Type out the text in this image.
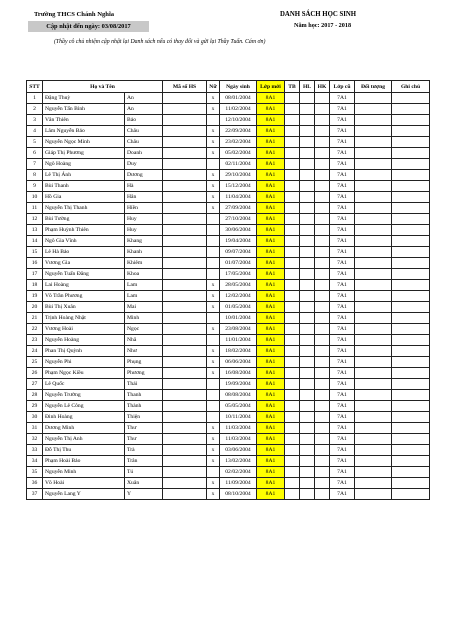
Trường THCS Chánh Nghĩa
Cập nhật đến ngày: 03/08/2017
DANH SÁCH HỌC SINH
Năm học: 2017 - 2018
(Thầy cô chủ nhiệm cập nhật lại Danh sách nếu có thay đổi và gửi lại Thầy Tuấn. Cám ơn)
STT	Họ và Tên		Mã số HS	Nữ	Ngày sinh	Lớp mới	TB	HL	HK	Lớp cũ	Đối tượng	Ghi chú
1	Đặng Thuỳ	An		x	08/01/2004	8A1				7A1		
2	Nguyễn Tấn Bình	An		x	11/02/2004	8A1				7A1		
3	Văn Thiên	Bảo			12/10/2004	8A1				7A1		
4	Lâm Nguyễn Bảo	Châu		x	22/09/2004	8A1				7A1		
5	Nguyễn Ngọc Minh	Châu		x	23/02/2004	8A1				7A1		
6	Giáp Thị Phương	Doanh		x	05/02/2004	8A1				7A1		
7	Ngô Hoàng	Duy			02/11/2004	8A1				7A1		
8	Lê Thị Ánh	Dương		x	29/10/2004	8A1				7A1		
9	Bùi Thanh	Hà		x	15/12/2004	8A1				7A1		
10	Hồ Gia	Hân		x	11/04/2004	8A1				7A1		
11	Nguyễn Thị Thanh	Hiền		x	27/09/2004	8A1				7A1		
12	Bùi Tường	Huy			27/10/2004	8A1				7A1		
13	Phạm Huỳnh Thiên	Huy			30/06/2004	8A1				7A1		
14	Ngô Gia Vĩnh	Khang			19/04/2004	8A1				7A1		
15	Lê Hà Bảo	Khanh			09/07/2004	8A1				7A1		
16	Vương Gia	Khiêm			01/07/2004	8A1				7A1		
17	Nguyễn Tuấn Đăng	Khoa			17/05/2004	8A1				7A1		
18	Lai Hoàng	Lam		x	28/05/2004	8A1				7A1		
19	Võ Trần Phương	Lam		x	12/02/2004	8A1				7A1		
20	Bùi Thị Xuân	Mai		x	01/05/2004	8A1				7A1		
21	Trịnh Hoàng Nhật	Minh			10/01/2004	8A1				7A1		
22	Vương Hoài	Ngọc		x	23/08/2004	8A1				7A1		
23	Nguyễn Hoàng	Nhã			11/01/2004	8A1				7A1		
24	Phan Thị Quỳnh	Như		x	18/02/2004	8A1				7A1		
25	Nguyễn Phi	Phụng		x	06/06/2004	8A1				7A1		
26	Phạm Ngọc Kiều	Phương		x	16/08/2004	8A1				7A1		
27	Lê Quốc	Thái			19/09/2004	8A1				7A1		
28	Nguyễn Trường	Thanh			08/08/2004	8A1				7A1		
29	Nguyễn Lê Công	Thành			05/05/2004	8A1				7A1		
30	Đinh Hoàng	Thiện			10/11/2004	8A1				7A1		
31	Dương Minh	Thư		x	11/03/2004	8A1				7A1		
32	Nguyễn Thị Anh	Thư		x	11/03/2004	8A1				7A1		
33	Đỗ Thị Thu	Trà		x	03/06/2004	8A1				7A1		
34	Phạm Hoài Bảo	Trân		x	13/02/2004	8A1				7A1		
35	Nguyễn Minh	Tú			02/02/2004	8A1				7A1		
36	Võ Hoài	Xuân		x	11/09/2004	8A1				7A1		
37	Nguyễn Lang Y	Y		x	08/10/2004	8A1				7A1		
